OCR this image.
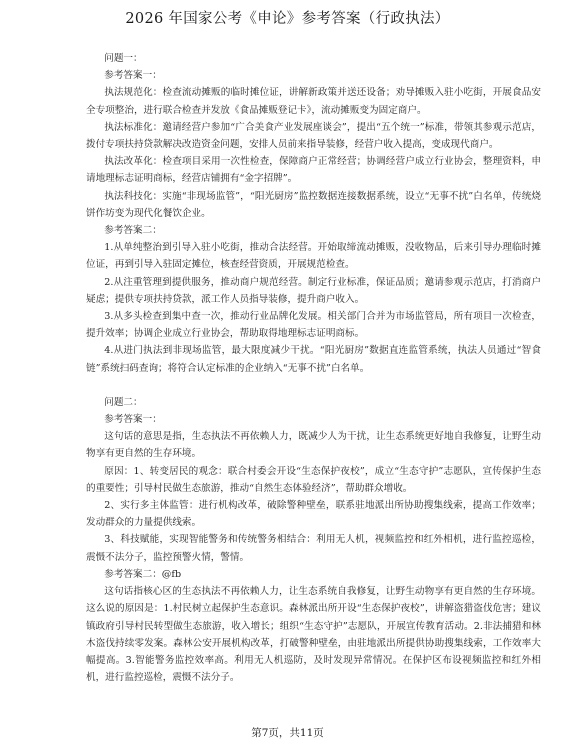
2026 年国家公考《申论》参考答案（行政执法）

问题一：

参考答案一：

执法规范化：检查流动摊贩的临时摊位证，讲解新政策并送还设备；劝导摊贩入驻小吃街，开展食品安全专项整治，进行联合检查并发放《食品摊贩登记卡》，流动摊贩变为固定商户。

执法标准化：邀请经营户参加“广合美食产业发展座谈会”，提出“五个统一”标准，带领其参观示范店，拨付专项扶持贷款解决改造资金问题，安排人员前来指导装修，经营户收入提高，变成现代商户。

执法改革化：检查项目采用一次性检查，保障商户正常经营；协调经营户成立行业协会，整理资料，申请地理标志证明商标，经营店铺拥有“金字招牌”。

执法科技化：实施“非现场监管”，“阳光厨房”监控数据连接数据系统，设立“无事不扰”白名单，传统烧饼作坊变为现代化餐饮企业。

参考答案二：

1.从单纯整治到引导入驻小吃街，推动合法经营。开始取缔流动摊贩，没收物品，后来引导办理临时摊位证，再到引导入驻固定摊位，核查经营资质，开展规范检查。

2.从注重管理到提供服务，推动商户规范经营。制定行业标准，保证品质；邀请参观示范店，打消商户疑虑；提供专项扶持贷款，派工作人员指导装修，提升商户收入。

3.从多头检查到集中查一次，推动行业品牌化发展。相关部门合并为市场监管局，所有项目一次检查，提升效率；协调企业成立行业协会，帮助取得地理标志证明商标。

4.从进门执法到非现场监管，最大限度减少干扰。“阳光厨房”数据直连监管系统，执法人员通过“智食链”系统扫码查询；将符合认定标准的企业纳入“无事不扰”白名单。

问题二：

参考答案一：

这句话的意思是指，生态执法不再依赖人力，既减少人为干扰，让生态系统更好地自我修复，让野生动物享有更自然的生存环境。

原因：1、转变居民的观念：联合村委会开设“生态保护夜校”，成立“生态守护”志愿队，宣传保护生态的重要性；引导村民做生态旅游，推动“自然生态体验经济”，帮助群众增收。

2、实行多主体监管：进行机构改革，破除警种壁垒，联系驻地派出所协助搜集线索，提高工作效率；发动群众的力量提供线索。

3、科技赋能，实现智能警务和传统警务相结合：利用无人机，视频监控和红外相机，进行监控巡检，震慑不法分子，监控预警火情，警情。

参考答案二：@fb

这句话指核心区的生态执法不再依赖人力，让生态系统自我修复，让野生动物享有更自然的生存环境。这么说的原因是：1.村民树立起保护生态意识。森林派出所开设“生态保护夜校”，讲解盗猎盗伐危害；建议镇政府引导村民转型做生态旅游，收入增长；组织“生态守护”志愿队，开展宣传教育活动。2.非法捕猎和林木盗伐持续零发案。森林公安开展机构改革，打破警种壁垒，由驻地派出所提供协助搜集线索，工作效率大幅提高。3.智能警务监控效率高。利用无人机巡防，及时发现异常情况。在保护区布设视频监控和红外相机，进行监控巡检，震慑不法分子。

第7页，共11页
